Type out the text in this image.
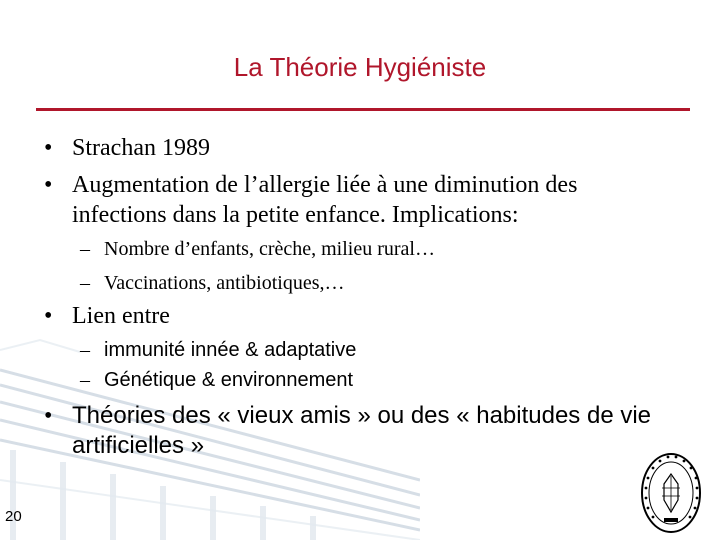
La Théorie Hygiéniste
• Strachan 1989
• Augmentation de l’allergie liée à une diminution des
infections dans la petite enfance. Implications:
– Nombre d’enfants, crèche, milieu rural…
– Vaccinations, antibiotiques,…
• Lien entre
– immunité innée & adaptative
– Génétique & environnement
• Théories des « vieux amis » ou des « habitudes de vie
artificielles »
20
